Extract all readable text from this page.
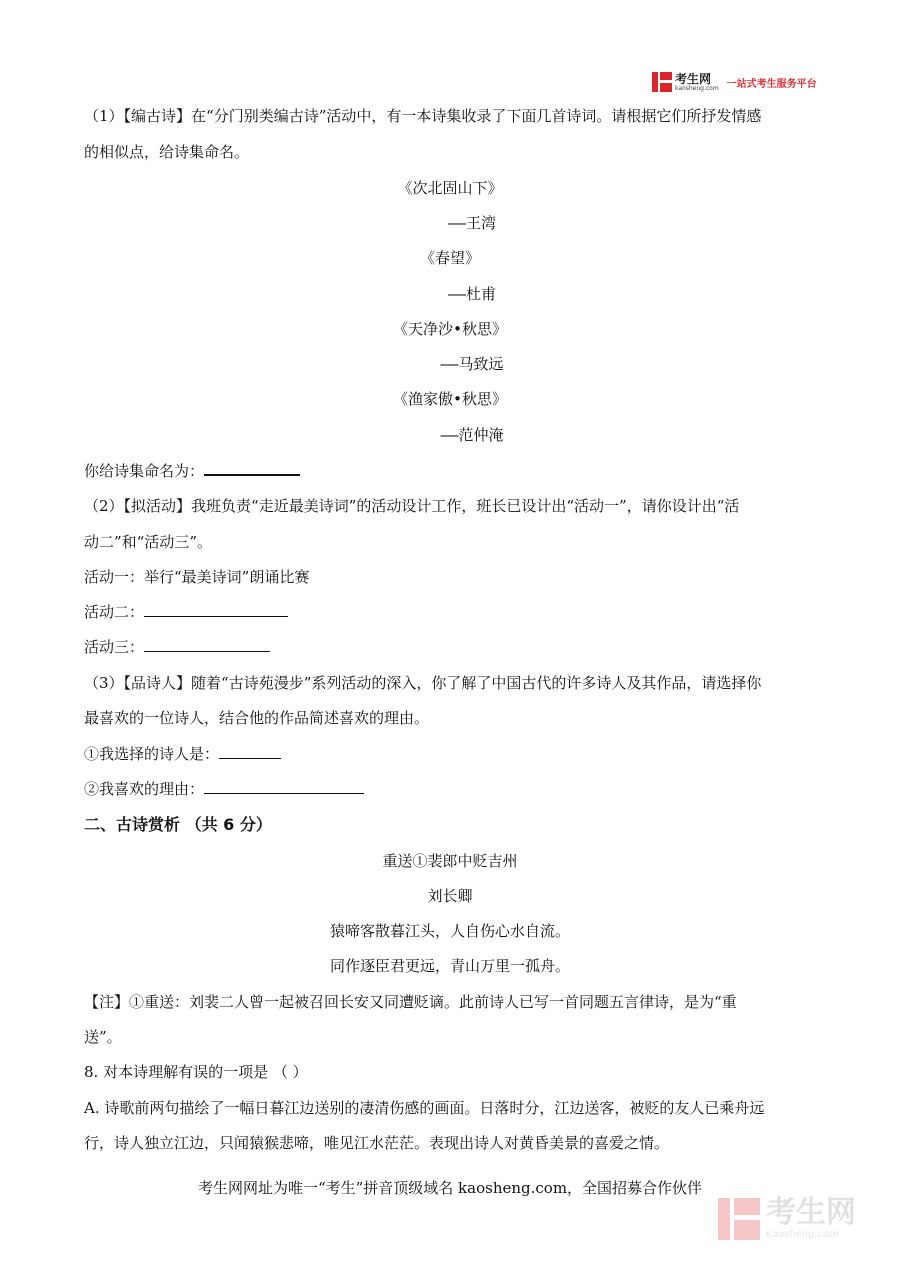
考生网
kaosheng.com 一站式考生服务平台
（1）【编古诗】在“分门别类编古诗”活动中，有一本诗集收录了下面几首诗词。请根据它们所抒发情感
的相似点，给诗集命名。
《次北固山下》
——王湾
《春望》
——杜甫
《天净沙•秋思》
——马致远
《渔家傲•秋思》
——范仲淹
你给诗集命名为：
（2）【拟活动】我班负责“走近最美诗词”的活动设计工作，班长已设计出“活动一”，请你设计出“活
动二”和“活动三”。
活动一：举行“最美诗词”朗诵比赛
活动二：
活动三：
（3）【品诗人】随着“古诗苑漫步”系列活动的深入，你了解了中国古代的许多诗人及其作品，请选择你
最喜欢的一位诗人，结合他的作品简述喜欢的理由。
①我选择的诗人是：
②我喜欢的理由：
二、古诗赏析 （共 6 分）
重送①裴郎中贬吉州
刘长卿
猿啼客散暮江头，人自伤心水自流。
同作逐臣君更远，青山万里一孤舟。
【注】①重送：刘裴二人曾一起被召回长安又同遭贬谪。此前诗人已写一首同题五言律诗，是为“重
送”。
8. 对本诗理解有误的一项是 （ ）
A. 诗歌前两句描绘了一幅日暮江边送别的凄清伤感的画面。日落时分，江边送客，被贬的友人已乘舟远
行，诗人独立江边，只闻猿猴悲啼，唯见江水茫茫。表现出诗人对黄昏美景的喜爱之情。
考生网网址为唯一“考生”拼音顶级域名 kaosheng.com，全国招募合作伙伴
考生网
kaosheng.com
